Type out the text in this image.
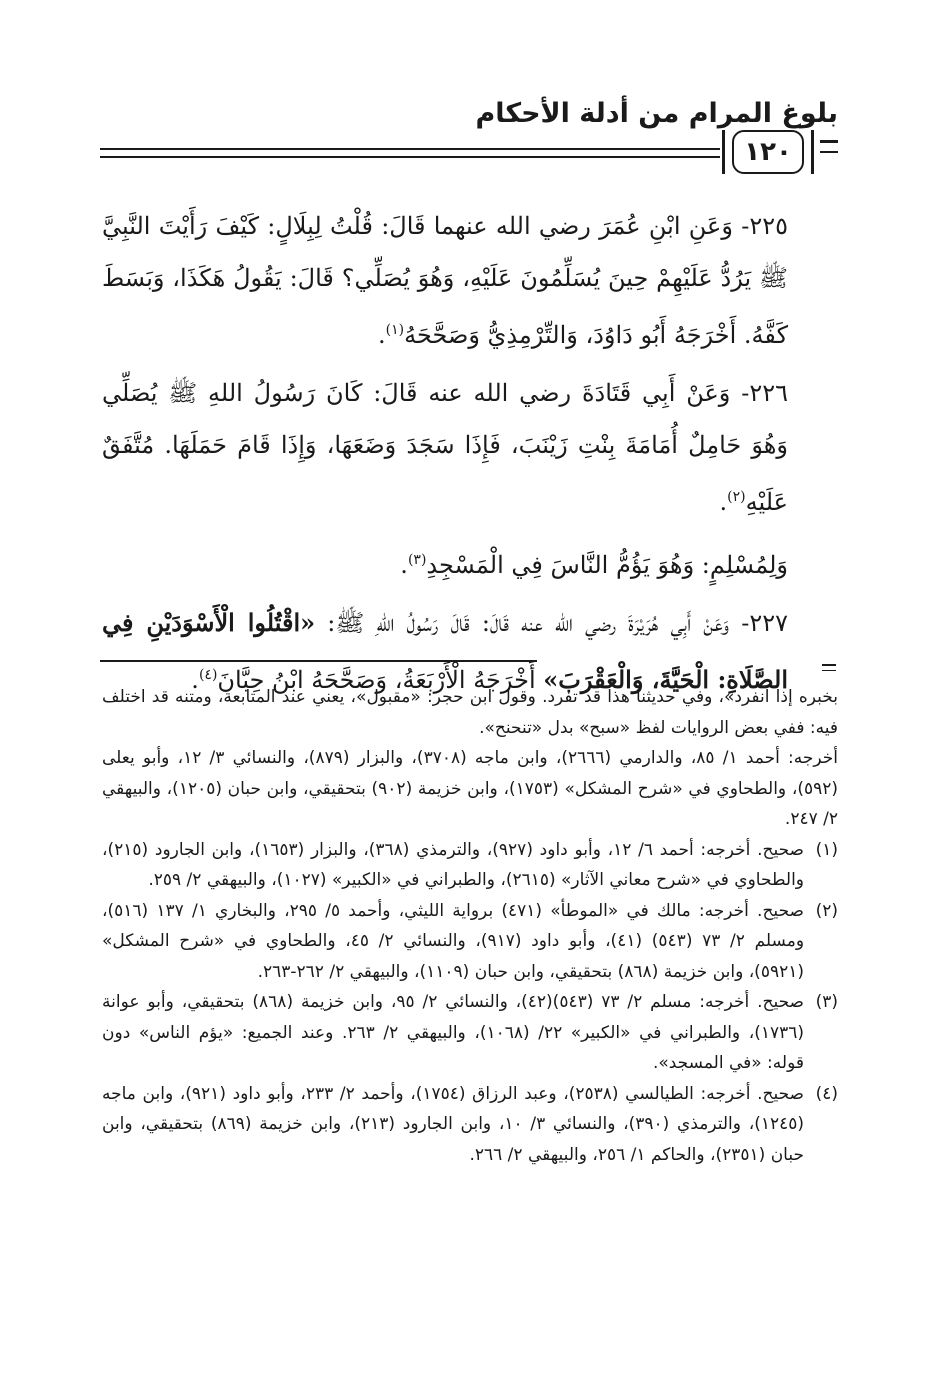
بلوغ المرام من أدلة الأحكام
١٢٠

٢٢٥- وَعَنِ ابْنِ عُمَرَ رضي الله عنهما قَالَ: قُلْتُ لِبِلَالٍ: كَيْفَ رَأَيْتَ النَّبِيَّ ﷺ يَرُدُّ عَلَيْهِمْ حِينَ يُسَلِّمُونَ عَلَيْهِ، وَهُوَ يُصَلِّي؟ قَالَ: يَقُولُ هَكَذَا، وَبَسَطَ كَفَّهُ. أَخْرَجَهُ أَبُو دَاوُدَ، وَالتِّرْمِذِيُّ وَصَحَّحَهُ$^{(١)}$.

٢٢٦- وَعَنْ أَبِي قَتَادَةَ رضي الله عنه قَالَ: كَانَ رَسُولُ اللهِ ﷺ يُصَلِّي وَهُوَ حَامِلٌ أُمَامَةَ بِنْتِ زَيْنَبَ، فَإِذَا سَجَدَ وَضَعَهَا، وَإِذَا قَامَ حَمَلَهَا. مُتَّفَقٌ عَلَيْهِ$^{(٢)}$.

وَلِمُسْلِمٍ: وَهُوَ يَؤُمُّ النَّاسَ فِي الْمَسْجِدِ$^{(٣)}$.

٢٢٧- وَعَنْ أَبِي هُرَيْرَةَ رضي الله عنه قَالَ: قَالَ رَسُولُ اللهِ ﷺ: «اقْتُلُوا الْأَسْوَدَيْنِ فِي الصَّلَاةِ: الْحَيَّةَ، وَالْعَقْرَبَ» أَخْرَجَهُ الْأَرْبَعَةُ، وَصَحَّحَهُ ابْنُ حِبَّانَ$^{(٤)}$.

بخبره إذا انفرد»، وفي حديثنا هذا قد تفرد. وقول ابن حجر: «مقبول»، يعني عند المتابعة، ومتنه قد اختلف فيه: ففي بعض الروايات لفظ «سبح» بدل «تنحنح».

أخرجه: أحمد ١/ ٨٥، والدارمي (٢٦٦٦)، وابن ماجه (٣٧٠٨)، والبزار (٨٧٩)، والنسائي ٣/ ١٢، وأبو يعلى (٥٩٢)، والطحاوي في «شرح المشكل» (١٧٥٣)، وابن خزيمة (٩٠٢) بتحقيقي، وابن حبان (١٢٠٥)، والبيهقي ٢/ ٢٤٧.

(١)
صحيح. أخرجه: أحمد ٦/ ١٢، وأبو داود (٩٢٧)، والترمذي (٣٦٨)، والبزار (١٦٥٣)، وابن الجارود (٢١٥)، والطحاوي في «شرح معاني الآثار» (٢٦١٥)، والطبراني في «الكبير» (١٠٢٧)، والبيهقي ٢/ ٢٥٩.

(٢)
صحيح. أخرجه: مالك في «الموطأ» (٤٧١) برواية الليثي، وأحمد ٥/ ٢٩٥، والبخاري ١/ ١٣٧ (٥١٦)، ومسلم ٢/ ٧٣ (٥٤٣) (٤١)، وأبو داود (٩١٧)، والنسائي ٢/ ٤٥، والطحاوي في «شرح المشكل» (٥٩٢١)، وابن خزيمة (٨٦٨) بتحقيقي، وابن حبان (١١٠٩)، والبيهقي ٢/ ٢٦٢-٢٦٣.

(٣)
صحيح. أخرجه: مسلم ٢/ ٧٣ (٥٤٣)(٤٢)، والنسائي ٢/ ٩٥، وابن خزيمة (٨٦٨) بتحقيقي، وأبو عوانة (١٧٣٦)، والطبراني في «الكبير» ٢٢/ (١٠٦٨)، والبيهقي ٢/ ٢٦٣. وعند الجميع: «يؤم الناس» دون قوله: «في المسجد».

(٤)
صحيح. أخرجه: الطيالسي (٢٥٣٨)، وعبد الرزاق (١٧٥٤)، وأحمد ٢/ ٢٣٣، وأبو داود (٩٢١)، وابن ماجه (١٢٤٥)، والترمذي (٣٩٠)، والنسائي ٣/ ١٠، وابن الجارود (٢١٣)، وابن خزيمة (٨٦٩) بتحقيقي، وابن حبان (٢٣٥١)، والحاكم ١/ ٢٥٦، والبيهقي ٢/ ٢٦٦.
